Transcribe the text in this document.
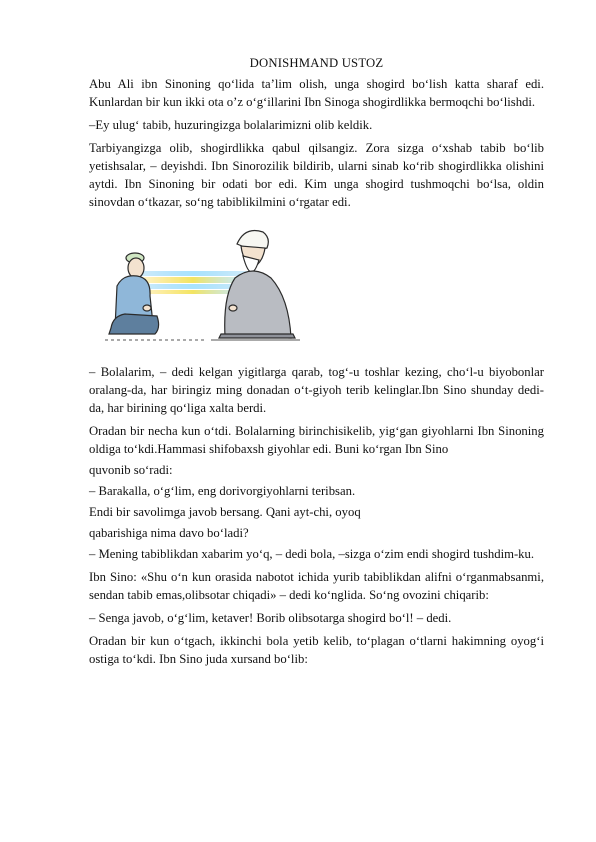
DONISHMAND USTOZ

Abu Ali ibn Sinoning qo‘lida ta’lim olish, unga shogird bo‘lish katta sharaf edi. Kunlardan bir kun ikki ota o’z o‘g‘illarini Ibn Sinoga shogirdlikka bermoqchi bo‘lishdi.

–Ey ulug‘ tabib, huzuringizga bolalarimizni olib keldik.

Tarbiyangizga olib, shogirdlikka qabul qilsangiz. Zora sizga o‘xshab tabib bo‘lib yetishsalar, – deyishdi. Ibn Sinorozilik bildirib, ularni sinab ko‘rib shogirdlikka olishini aytdi. Ibn Sinoning bir odati bor edi. Kim unga shogird tushmoqchi bo‘lsa, oldin sinovdan o‘tkazar, so‘ng tabiblikilmini o‘rgatar edi.

– Bolalarim, – dedi kelgan yigitlarga qarab, tog‘-u toshlar kezing, cho‘l-u biyobonlar oralang-da, har biringiz ming donadan o‘t-giyoh terib kelinglar.Ibn Sino shunday dedi-da, har birining qo‘liga xalta berdi.

Oradan bir necha kun o‘tdi. Bolalarning birinchisikelib, yig‘gan giyohlarni Ibn Sinoning oldiga to‘kdi.Hammasi shifobaxsh giyohlar edi. Buni ko‘rgan Ibn Sino

quvonib so‘radi:

– Barakalla, o‘g‘lim, eng dorivorgiyohlarni teribsan.

Endi bir savolimga javob bersang. Qani ayt-chi, oyoq

qabarishiga nima davo bo‘ladi?

– Mening tabiblikdan xabarim yo‘q, – dedi bola, –sizga o‘zim endi shogird tushdim-ku.

Ibn Sino: «Shu o‘n kun orasida nabotot ichida yurib tabiblikdan alifni o‘rganmabsanmi, sendan tabib emas,olibsotar chiqadi» – dedi ko‘nglida. So‘ng ovozini chiqarib:

– Senga javob, o‘g‘lim, ketaver! Borib olibsotarga shogird bo‘l! – dedi.

Oradan bir kun o‘tgach, ikkinchi bola yetib kelib, to‘plagan o‘tlarni hakimning oyog‘i ostiga to‘kdi. Ibn Sino juda xursand bo‘lib:
